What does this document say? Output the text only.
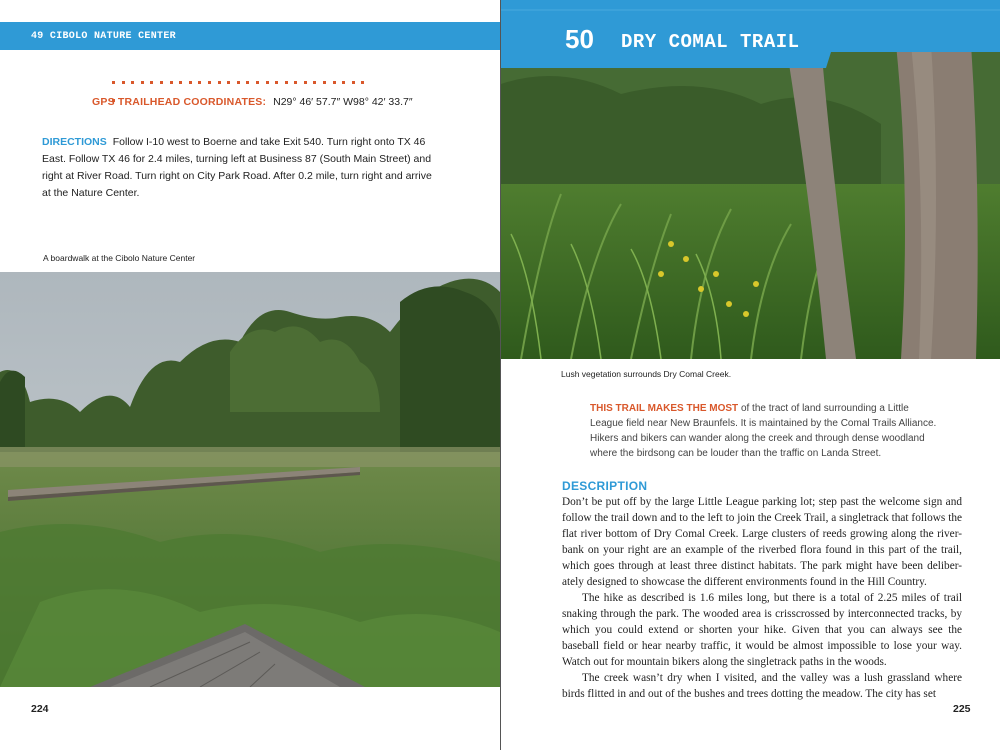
49 CIBOLO NATURE CENTER
GPS TRAILHEAD COORDINATES: N29° 46′ 57.7″ W98° 42′ 33.7″
DIRECTIONS Follow I-10 west to Boerne and take Exit 540. Turn right onto TX 46 East. Follow TX 46 for 2.4 miles, turning left at Business 87 (South Main Street) and right at River Road. Turn right on City Park Road. After 0.2 mile, turn right and arrive at the Nature Center.
A boardwalk at the Cibolo Nature Center
224
50 DRY COMAL TRAIL
Lush vegetation surrounds Dry Comal Creek.
THIS TRAIL MAKES THE MOST of the tract of land surrounding a Little League field near New Braunfels. It is maintained by the Comal Trails Alliance. Hikers and bikers can wander along the creek and through dense woodland where the birdsong can be louder than the traffic on Landa Street.
DESCRIPTION

Don’t be put off by the large Little League parking lot; step past the welcome sign and follow the trail down and to the left to join the Creek Trail, a singletrack that follows the flat river bottom of Dry Comal Creek. Large clusters of reeds growing along the river-bank on your right are an example of the riverbed flora found in this part of the trail, which goes through at least three distinct habitats. The park might have been deliber-ately designed to showcase the different environments found in the Hill Country.

The hike as described is 1.6 miles long, but there is a total of 2.25 miles of trail snaking through the park. The wooded area is crisscrossed by interconnected tracks, by which you could extend or shorten your hike. Given that you can always see the baseball field or hear nearby traffic, it would be almost impossible to lose your way. Watch out for mountain bikers along the singletrack paths in the woods.

The creek wasn’t dry when I visited, and the valley was a lush grassland where birds flitted in and out of the bushes and trees dotting the meadow. The city has set

225
